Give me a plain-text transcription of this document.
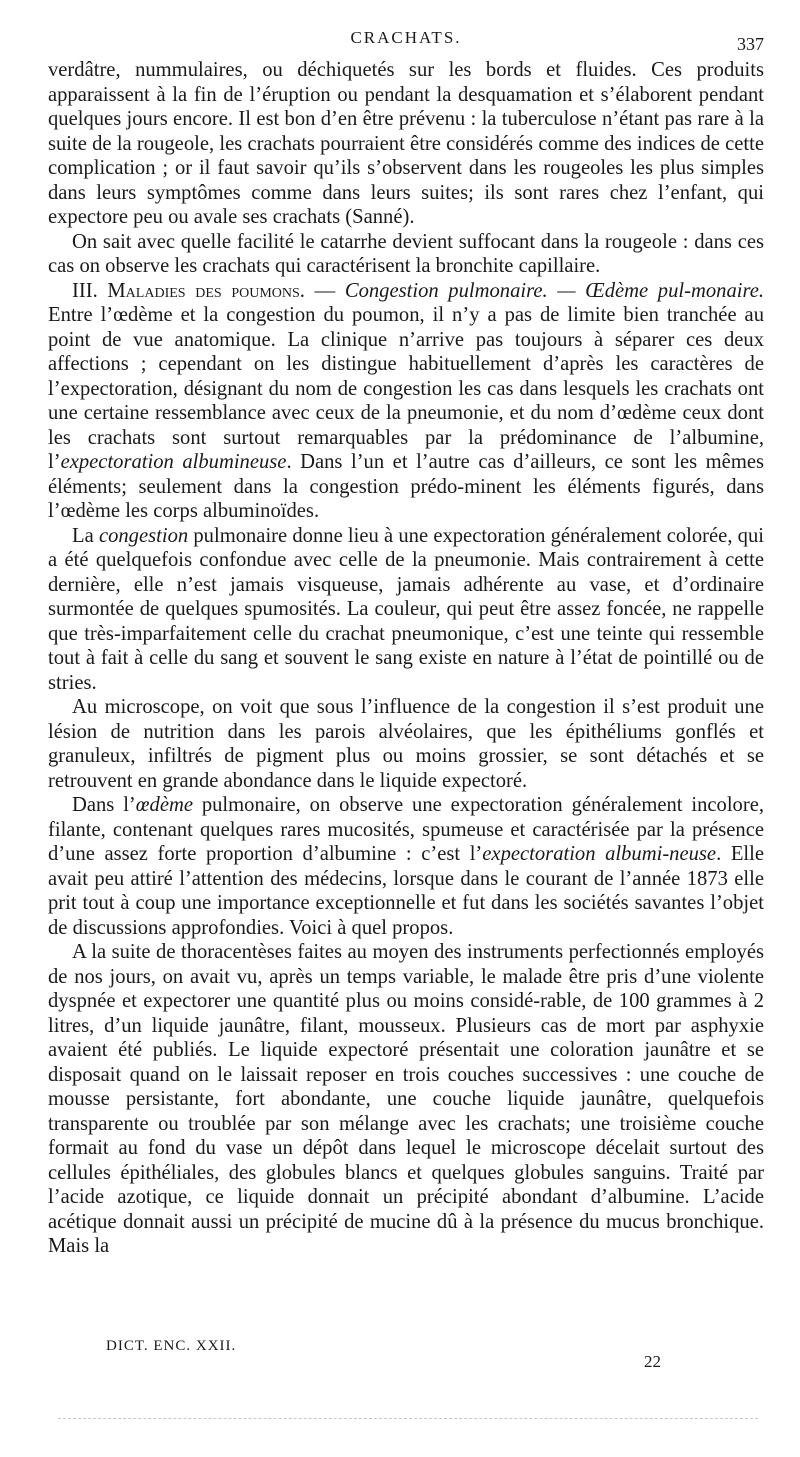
CRACHATS.	337

verdâtre, nummulaires, ou déchiquetés sur les bords et fluides. Ces produits apparaissent à la fin de l’éruption ou pendant la desquamation et s’élaborent pendant quelques jours encore. Il est bon d’en être prévenu : la tuberculose n’étant pas rare à la suite de la rougeole, les crachats pourraient être considérés comme des indices de cette complication ; or il faut savoir qu’ils s’observent dans les rougeoles les plus simples dans leurs symptômes comme dans leurs suites; ils sont rares chez l’enfant, qui expectore peu ou avale ses crachats (Sanné).

On sait avec quelle facilité le catarrhe devient suffocant dans la rougeole : dans ces cas on observe les crachats qui caractérisent la bronchite capillaire.

III. Maladies des poumons. — Congestion pulmonaire. — Œdème pul-monaire. Entre l’œdème et la congestion du poumon, il n’y a pas de limite bien tranchée au point de vue anatomique. La clinique n’arrive pas toujours à séparer ces deux affections ; cependant on les distingue habituellement d’après les caractères de l’expectoration, désignant du nom de congestion les cas dans lesquels les crachats ont une certaine ressemblance avec ceux de la pneumonie, et du nom d’œdème ceux dont les crachats sont surtout remarquables par la prédominance de l’albumine, l’expectoration albumineuse. Dans l’un et l’autre cas d’ailleurs, ce sont les mêmes éléments; seulement dans la congestion prédo-minent les éléments figurés, dans l’œdème les corps albuminoïdes.

La congestion pulmonaire donne lieu à une expectoration généralement colorée, qui a été quelquefois confondue avec celle de la pneumonie. Mais contrairement à cette dernière, elle n’est jamais visqueuse, jamais adhérente au vase, et d’ordinaire surmontée de quelques spumosités. La couleur, qui peut être assez foncée, ne rappelle que très-imparfaitement celle du crachat pneumonique, c’est une teinte qui ressemble tout à fait à celle du sang et souvent le sang existe en nature à l’état de pointillé ou de stries.

Au microscope, on voit que sous l’influence de la congestion il s’est produit une lésion de nutrition dans les parois alvéolaires, que les épithéliums gonflés et granuleux, infiltrés de pigment plus ou moins grossier, se sont détachés et se retrouvent en grande abondance dans le liquide expectoré.

Dans l’œdème pulmonaire, on observe une expectoration généralement incolore, filante, contenant quelques rares mucosités, spumeuse et caractérisée par la présence d’une assez forte proportion d’albumine : c’est l’expectoration albumi-neuse. Elle avait peu attiré l’attention des médecins, lorsque dans le courant de l’année 1873 elle prit tout à coup une importance exceptionnelle et fut dans les sociétés savantes l’objet de discussions approfondies. Voici à quel propos.

A la suite de thoracentèses faites au moyen des instruments perfectionnés employés de nos jours, on avait vu, après un temps variable, le malade être pris d’une violente dyspnée et expectorer une quantité plus ou moins considé-rable, de 100 grammes à 2 litres, d’un liquide jaunâtre, filant, mousseux. Plusieurs cas de mort par asphyxie avaient été publiés. Le liquide expectoré présentait une coloration jaunâtre et se disposait quand on le laissait reposer en trois couches successives : une couche de mousse persistante, fort abondante, une couche liquide jaunâtre, quelquefois transparente ou troublée par son mélange avec les crachats; une troisième couche formait au fond du vase un dépôt dans lequel le microscope décelait surtout des cellules épithéliales, des globules blancs et quelques globules sanguins. Traité par l’acide azotique, ce liquide donnait un précipité abondant d’albumine. L’acide acétique donnait aussi un précipité de mucine dû à la présence du mucus bronchique. Mais la

DICT. ENC. XXII.
22
